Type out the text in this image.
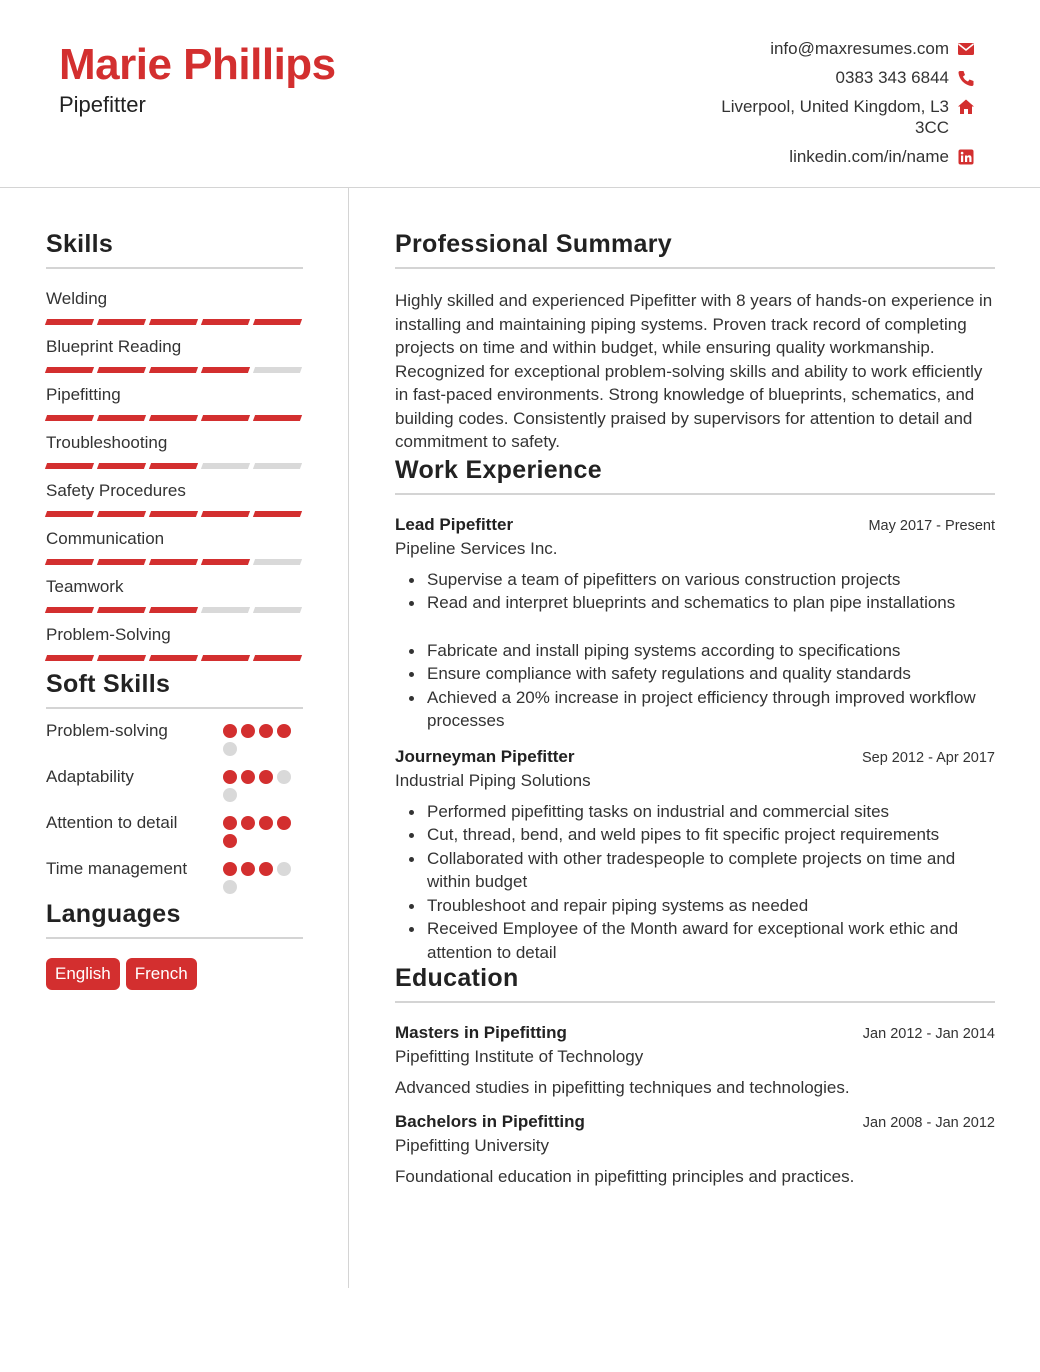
Marie Phillips
Pipefitter
info@maxresumes.com
0383 343 6844
Liverpool, United Kingdom, L3 3CC
linkedin.com/in/name
Skills
Welding
Blueprint Reading
Pipefitting
Troubleshooting
Safety Procedures
Communication
Teamwork
Problem-Solving
Soft Skills
Problem-solving
Adaptability
Attention to detail
Time management
Languages
English	French
Professional Summary
Highly skilled and experienced Pipefitter with 8 years of hands-on experience in installing and maintaining piping systems. Proven track record of completing projects on time and within budget, while ensuring quality workmanship. Recognized for exceptional problem-solving skills and ability to work efficiently in fast-paced environments. Strong knowledge of blueprints, schematics, and building codes. Consistently praised by supervisors for attention to detail and commitment to safety.
Work Experience
Lead Pipefitter	May 2017 - Present
Pipeline Services Inc.
Supervise a team of pipefitters on various construction projects
Read and interpret blueprints and schematics to plan pipe installations
Fabricate and install piping systems according to specifications
Ensure compliance with safety regulations and quality standards
Achieved a 20% increase in project efficiency through improved workflow processes
Journeyman Pipefitter	Sep 2012 - Apr 2017
Industrial Piping Solutions
Performed pipefitting tasks on industrial and commercial sites
Cut, thread, bend, and weld pipes to fit specific project requirements
Collaborated with other tradespeople to complete projects on time and within budget
Troubleshoot and repair piping systems as needed
Received Employee of the Month award for exceptional work ethic and attention to detail
Education
Masters in Pipefitting	Jan 2012 - Jan 2014
Pipefitting Institute of Technology
Advanced studies in pipefitting techniques and technologies.
Bachelors in Pipefitting	Jan 2008 - Jan 2012
Pipefitting University
Foundational education in pipefitting principles and practices.
